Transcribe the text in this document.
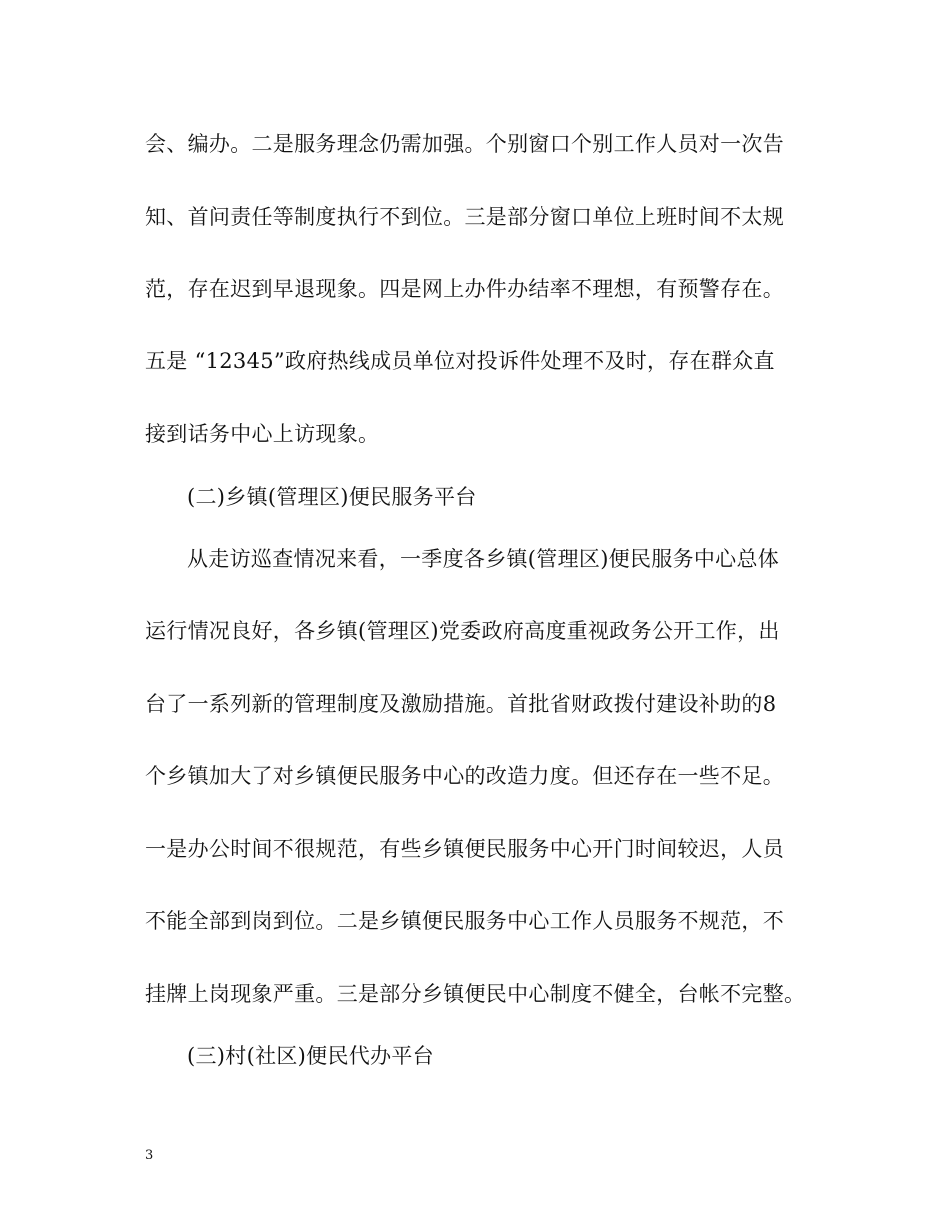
会、编办。二是服务理念仍需加强。个别窗口个别工作人员对一次告
知、首问责任等制度执行不到位。三是部分窗口单位上班时间不太规
范，存在迟到早退现象。四是网上办件办结率不理想，有预警存在。
五是 “12345”政府热线成员单位对投诉件处理不及时，存在群众直
接到话务中心上访现象。
(二)乡镇(管理区)便民服务平台
从走访巡查情况来看，一季度各乡镇(管理区)便民服务中心总体
运行情况良好，各乡镇(管理区)党委政府高度重视政务公开工作，出
台了一系列新的管理制度及激励措施。首批省财政拨付建设补助的8
个乡镇加大了对乡镇便民服务中心的改造力度。但还存在一些不足。
一是办公时间不很规范，有些乡镇便民服务中心开门时间较迟，人员
不能全部到岗到位。二是乡镇便民服务中心工作人员服务不规范，不
挂牌上岗现象严重。三是部分乡镇便民中心制度不健全，台帐不完整。
(三)村(社区)便民代办平台
3
